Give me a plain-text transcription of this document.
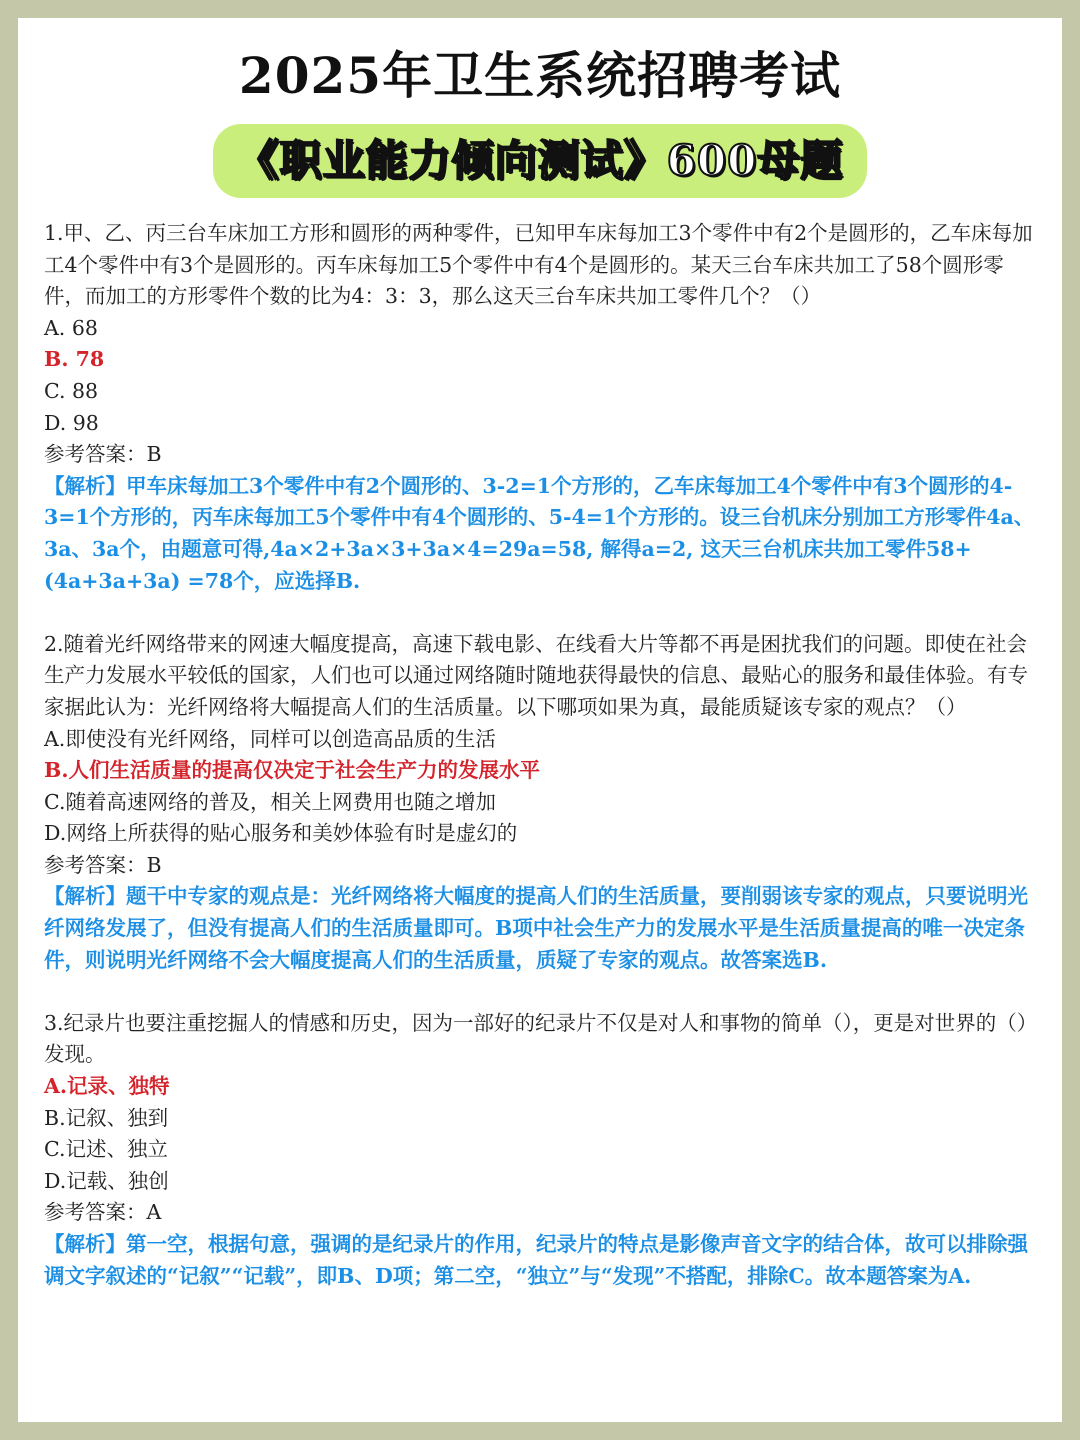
2025年卫生系统招聘考试
《职业能力倾向测试》600母题

1.甲、乙、丙三台车床加工方形和圆形的两种零件，已知甲车床每加工3个零件中有2个是圆形的，乙车床每加工4个零件中有3个是圆形的。丙车床每加工5个零件中有4个是圆形的。某天三台车床共加工了58个圆形零件，而加工的方形零件个数的比为4：3：3，那么这天三台车床共加工零件几个？（）

A. 68

B. 78

C. 88

D. 98

参考答案：B

【解析】甲车床每加工3个零件中有2个圆形的、3-2=1个方形的，乙车床每加工4个零件中有3个圆形的4-3=1个方形的，丙车床每加工5个零件中有4个圆形的、5-4=1个方形的。设三台机床分别加工方形零件4a、3a、3a个，由题意可得,4a×2+3a×3+3a×4=29a=58, 解得a=2, 这天三台机床共加工零件58+(4a+3a+3a) =78个，应选择B.

2.随着光纤网络带来的网速大幅度提高，高速下载电影、在线看大片等都不再是困扰我们的问题。即使在社会生产力发展水平较低的国家，人们也可以通过网络随时随地获得最快的信息、最贴心的服务和最佳体验。有专家据此认为：光纤网络将大幅提高人们的生活质量。以下哪项如果为真，最能质疑该专家的观点？（）

A.即使没有光纤网络，同样可以创造高品质的生活

B.人们生活质量的提高仅决定于社会生产力的发展水平

C.随着高速网络的普及，相关上网费用也随之增加

D.网络上所获得的贴心服务和美妙体验有时是虚幻的

参考答案：B

【解析】题干中专家的观点是：光纤网络将大幅度的提高人们的生活质量，要削弱该专家的观点，只要说明光纤网络发展了，但没有提高人们的生活质量即可。B项中社会生产力的发展水平是生活质量提高的唯一决定条件，则说明光纤网络不会大幅度提高人们的生活质量，质疑了专家的观点。故答案选B.

3.纪录片也要注重挖掘人的情感和历史，因为一部好的纪录片不仅是对人和事物的简单（），更是对世界的（）发现。

A.记录、独特

B.记叙、独到

C.记述、独立

D.记载、独创

参考答案：A

【解析】第一空，根据句意，强调的是纪录片的作用，纪录片的特点是影像声音文字的结合体，故可以排除强调文字叙述的“记叙”“记载”，即B、D项；第二空，“独立”与“发现”不搭配，排除C。故本题答案为A.
